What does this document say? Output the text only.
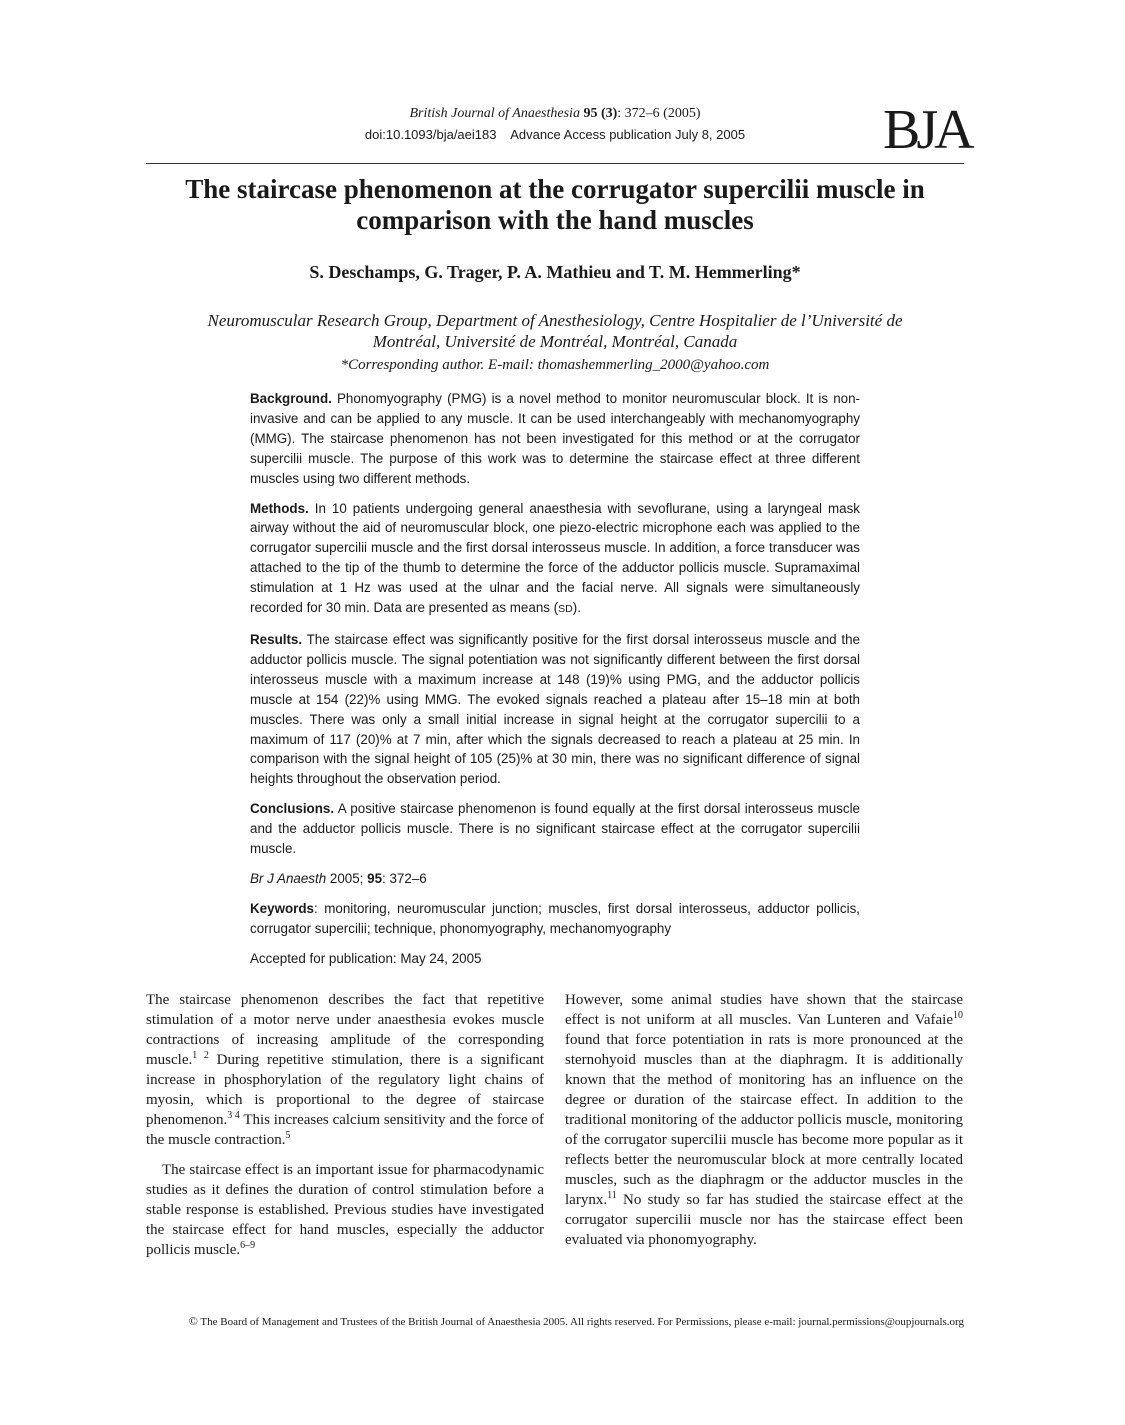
British Journal of Anaesthesia 95 (3): 372–6 (2005)
doi:10.1093/bja/aei183    Advance Access publication July 8, 2005	BJA
The staircase phenomenon at the corrugator supercilii muscle in comparison with the hand muscles
S. Deschamps, G. Trager, P. A. Mathieu and T. M. Hemmerling*
Neuromuscular Research Group, Department of Anesthesiology, Centre Hospitalier de l’Université de Montréal, Université de Montréal, Montréal, Canada
*Corresponding author. E-mail: thomashemmerling_2000@yahoo.com

Background. Phonomyography (PMG) is a novel method to monitor neuromuscular block. It is non-invasive and can be applied to any muscle. It can be used interchangeably with mechanomyography (MMG). The staircase phenomenon has not been investigated for this method or at the corrugator supercilii muscle. The purpose of this work was to determine the staircase effect at three different muscles using two different methods.

Methods. In 10 patients undergoing general anaesthesia with sevoflurane, using a laryngeal mask airway without the aid of neuromuscular block, one piezo-electric microphone each was applied to the corrugator supercilii muscle and the first dorsal interosseus muscle. In addition, a force transducer was attached to the tip of the thumb to determine the force of the adductor pollicis muscle. Supramaximal stimulation at 1 Hz was used at the ulnar and the facial nerve. All signals were simultaneously recorded for 30 min. Data are presented as means (SD).

Results. The staircase effect was significantly positive for the first dorsal interosseus muscle and the adductor pollicis muscle. The signal potentiation was not significantly different between the first dorsal interosseus muscle with a maximum increase at 148 (19)% using PMG, and the adductor pollicis muscle at 154 (22)% using MMG. The evoked signals reached a plateau after 15–18 min at both muscles. There was only a small initial increase in signal height at the corrugator supercilii to a maximum of 117 (20)% at 7 min, after which the signals decreased to reach a plateau at 25 min. In comparison with the signal height of 105 (25)% at 30 min, there was no significant difference of signal heights throughout the observation period.

Conclusions. A positive staircase phenomenon is found equally at the first dorsal interosseus muscle and the adductor pollicis muscle. There is no significant staircase effect at the corrugator supercilii muscle.

Br J Anaesth 2005; 95: 372–6

Keywords: monitoring, neuromuscular junction; muscles, first dorsal interosseus, adductor pollicis, corrugator supercilii; technique, phonomyography, mechanomyography

Accepted for publication: May 24, 2005

The staircase phenomenon describes the fact that repetitive stimulation of a motor nerve under anaesthesia evokes muscle contractions of increasing amplitude of the corresponding muscle.$^{1 2}$ During repetitive stimulation, there is a significant increase in phosphorylation of the regulatory light chains of myosin, which is proportional to the degree of staircase phenomenon.$^{3 4}$ This increases calcium sensitivity and the force of the muscle contraction.$^5$

The staircase effect is an important issue for pharmacodynamic studies as it defines the duration of control stimulation before a stable response is established. Previous studies have investigated the staircase effect for hand muscles, especially the adductor pollicis muscle.$^{6-9}$

However, some animal studies have shown that the staircase effect is not uniform at all muscles. Van Lunteren and Vafaie$^{10}$ found that force potentiation in rats is more pronounced at the sternohyoid muscles than at the diaphragm. It is additionally known that the method of monitoring has an influence on the degree or duration of the staircase effect. In addition to the traditional monitoring of the adductor pollicis muscle, monitoring of the corrugator supercilii muscle has become more popular as it reflects better the neuromuscular block at more centrally located muscles, such as the diaphragm or the adductor muscles in the larynx.$^{11}$ No study so far has studied the staircase effect at the corrugator supercilii muscle nor has the staircase effect been evaluated via phonomyography.

© The Board of Management and Trustees of the British Journal of Anaesthesia 2005. All rights reserved. For Permissions, please e-mail: journal.permissions@oupjournals.org
